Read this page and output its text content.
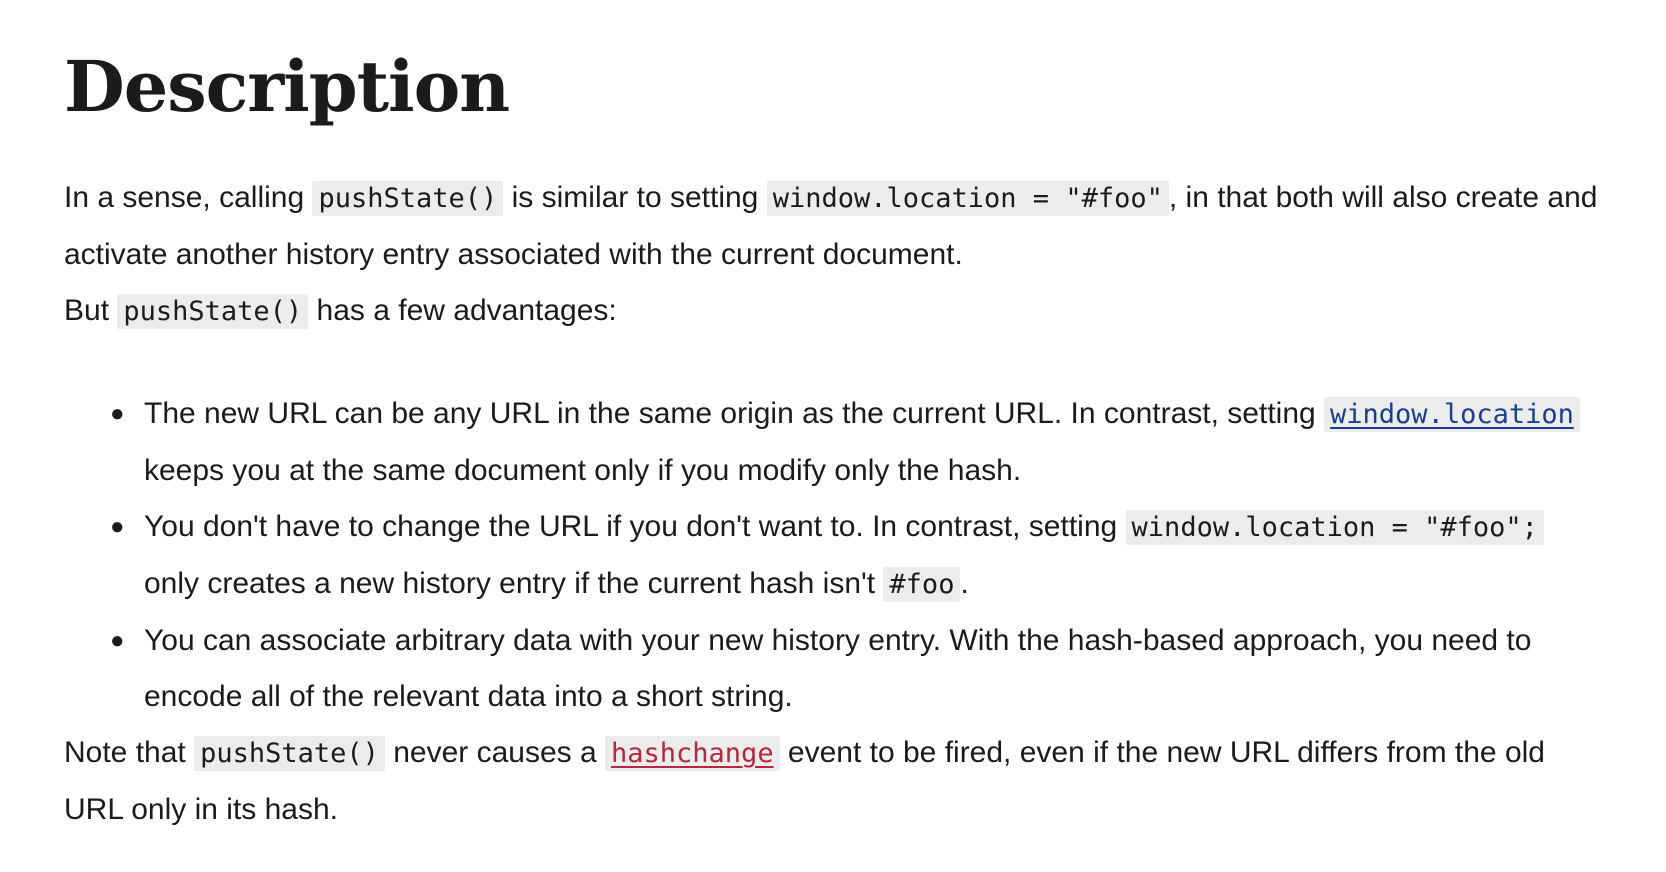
Description

In a sense, calling pushState() is similar to setting window.location = "#foo" , in that both will also create and activate another history entry associated with the current document.

But pushState() has a few advantages:

● The new URL can be any URL in the same origin as the current URL. In contrast, setting window.location keeps you at the same document only if you modify only the hash.
● You don't have to change the URL if you don't want to. In contrast, setting window.location = "#foo"; only creates a new history entry if the current hash isn't #foo .
● You can associate arbitrary data with your new history entry. With the hash-based approach, you need to encode all of the relevant data into a short string.

Note that pushState() never causes a hashchange event to be fired, even if the new URL differs from the old URL only in its hash.
